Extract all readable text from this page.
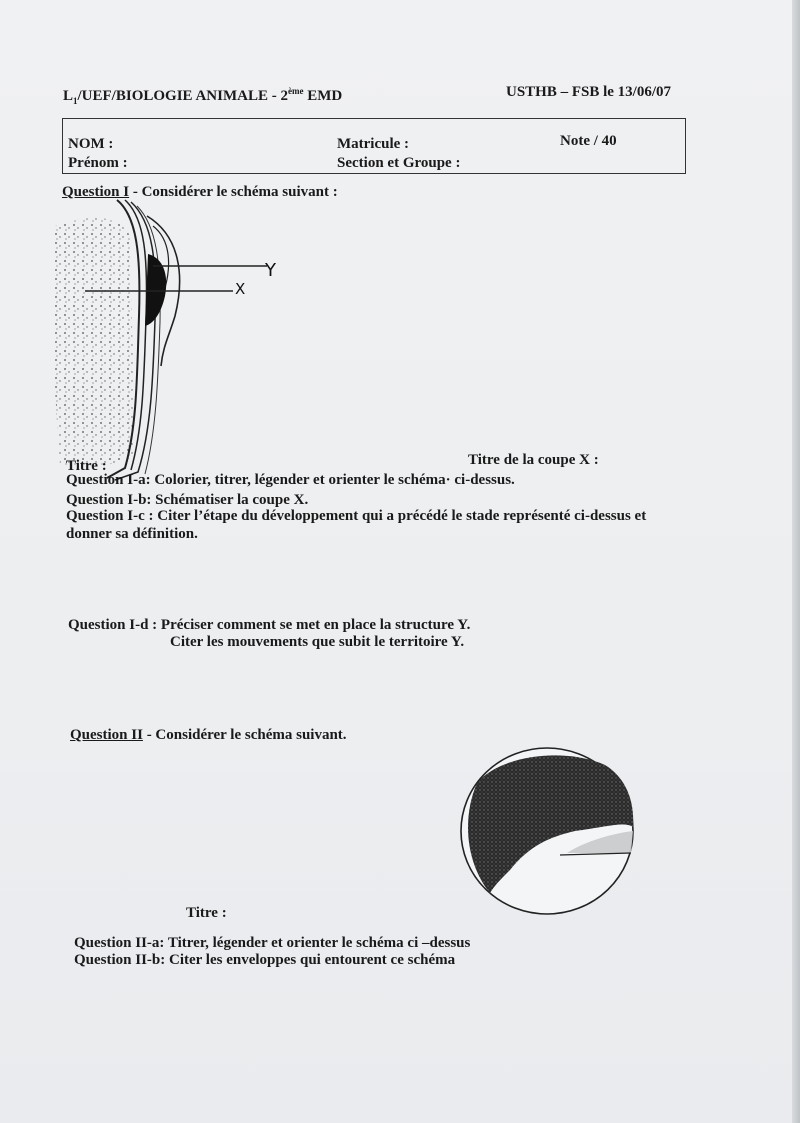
$L_1/UEF$/BIOLOGIE ANIMALE - 2ème EMD	USTHB – FSB le 13/06/07
NOM :
Prénom :
Matricule :
Section et Groupe :
Note / 40
Question I - Considérer le schéma suivant :
Y
X
Titre :	Titre de la coupe X :
Question I-a: Colorier, titrer, légender et orienter le schéma· ci-dessus.
Question I-b: Schématiser la coupe X.
Question I-c : Citer l’étape du développement qui a précédé le stade représenté ci-dessus et
donner sa définition.
Question I-d : Préciser comment se met en place la structure Y.
Citer les mouvements que subit le territoire Y.
Question II - Considérer le schéma suivant.
Titre :
Question II-a: Titrer, légender et orienter le schéma ci –dessus
Question II-b: Citer les enveloppes qui entourent ce schéma
